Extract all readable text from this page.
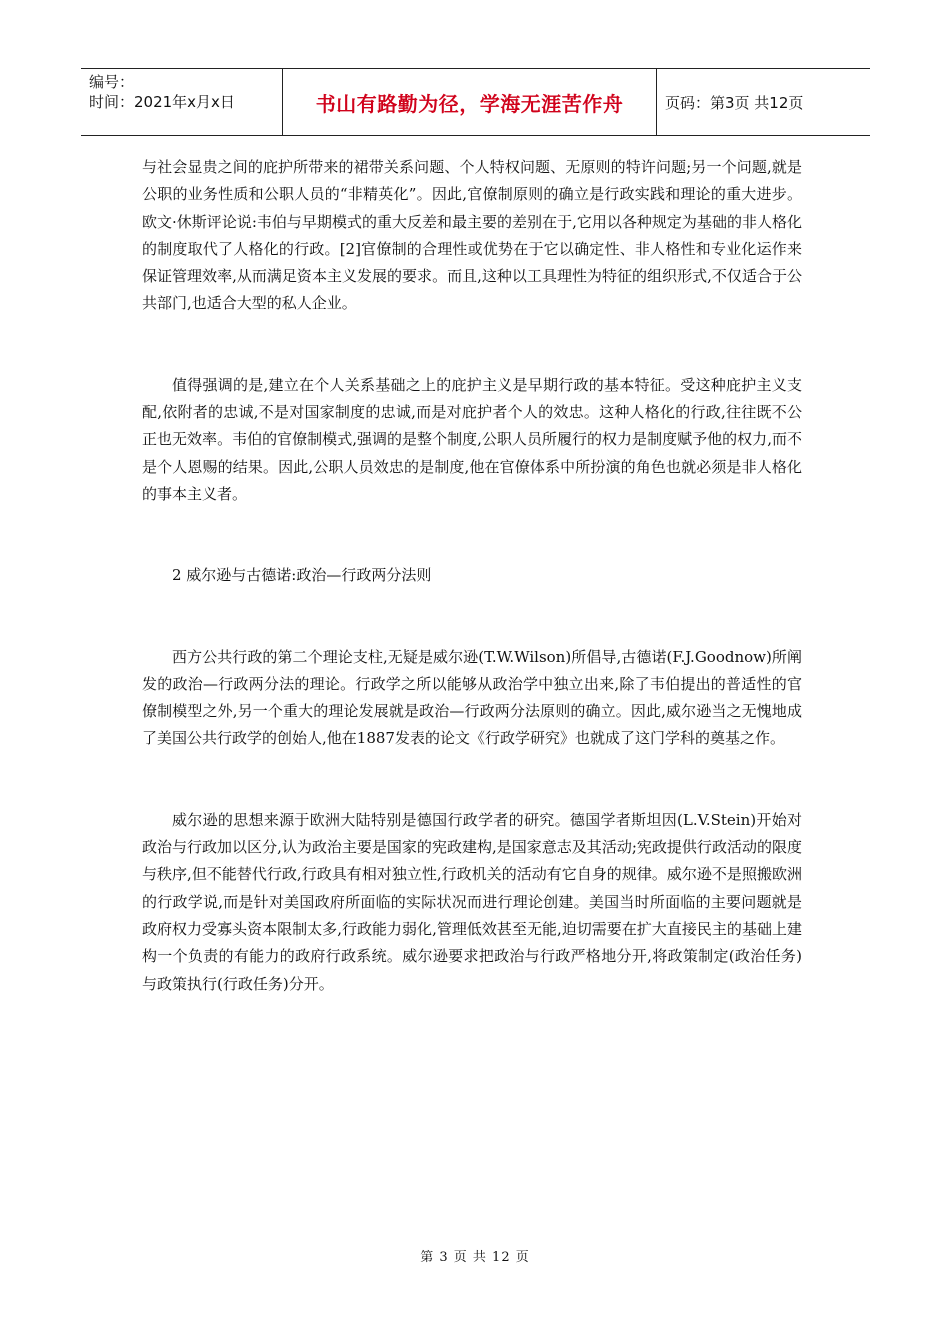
编号：
时间：2021年x月x日	书山有路勤为径，学海无涯苦作舟	页码：第3页 共12页

与社会显贵之间的庇护所带来的裙带关系问题、个人特权问题、无原则的特许问题;另一个问题,就是公职的业务性质和公职人员的“非精英化”。因此,官僚制原则的确立是行政实践和理论的重大进步。欧文·休斯评论说:韦伯与早期模式的重大反差和最主要的差别在于,它用以各种规定为基础的非人格化的制度取代了人格化的行政。[2]官僚制的合理性或优势在于它以确定性、非人格性和专业化运作来保证管理效率,从而满足资本主义发展的要求。而且,这种以工具理性为特征的组织形式,不仅适合于公共部门,也适合大型的私人企业。

值得强调的是,建立在个人关系基础之上的庇护主义是早期行政的基本特征。受这种庇护主义支配,依附者的忠诚,不是对国家制度的忠诚,而是对庇护者个人的效忠。这种人格化的行政,往往既不公正也无效率。韦伯的官僚制模式,强调的是整个制度,公职人员所履行的权力是制度赋予他的权力,而不是个人恩赐的结果。因此,公职人员效忠的是制度,他在官僚体系中所扮演的角色也就必须是非人格化的事本主义者。

2 威尔逊与古德诺:政治—行政两分法则

西方公共行政的第二个理论支柱,无疑是威尔逊(T.W.Wilson)所倡导,古德诺(F.J.Goodnow)所阐发的政治—行政两分法的理论。行政学之所以能够从政治学中独立出来,除了韦伯提出的普适性的官僚制模型之外,另一个重大的理论发展就是政治—行政两分法原则的确立。因此,威尔逊当之无愧地成了美国公共行政学的创始人,他在1887发表的论文《行政学研究》也就成了这门学科的奠基之作。

威尔逊的思想来源于欧洲大陆特别是德国行政学者的研究。德国学者斯坦因(L.V.Stein)开始对政治与行政加以区分,认为政治主要是国家的宪政建构,是国家意志及其活动;宪政提供行政活动的限度与秩序,但不能替代行政,行政具有相对独立性,行政机关的活动有它自身的规律。威尔逊不是照搬欧洲的行政学说,而是针对美国政府所面临的实际状况而进行理论创建。美国当时所面临的主要问题就是政府权力受寡头资本限制太多,行政能力弱化,管理低效甚至无能,迫切需要在扩大直接民主的基础上建构一个负责的有能力的政府行政系统。威尔逊要求把政治与行政严格地分开,将政策制定(政治任务)与政策执行(行政任务)分开。

第 3 页 共 12 页
